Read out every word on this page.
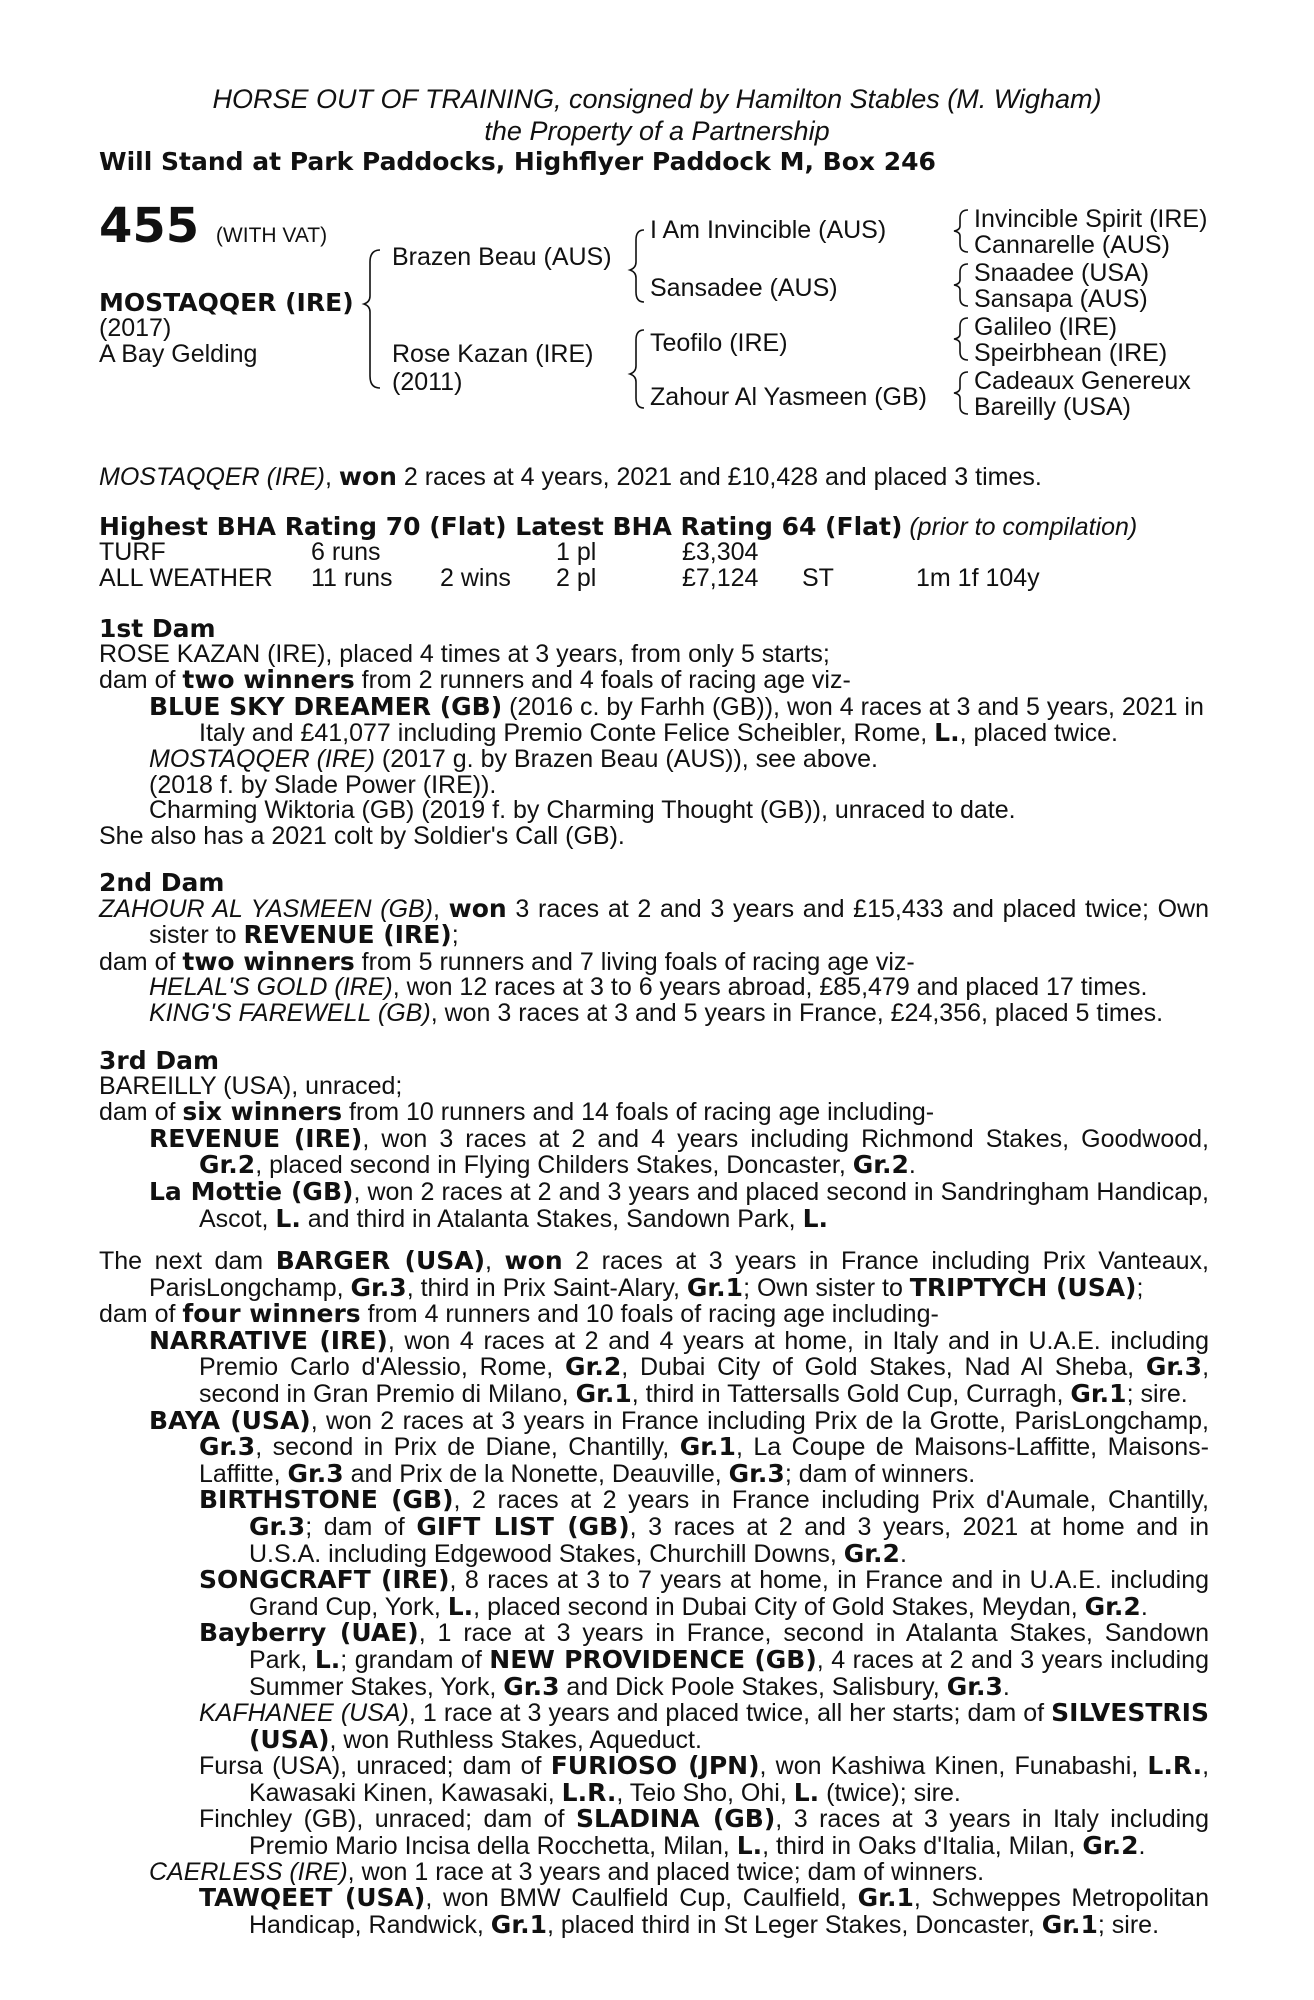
HORSE OUT OF TRAINING, consigned by Hamilton Stables (M. Wigham)
the Property of a Partnership
Will Stand at Park Paddocks, Highflyer Paddock M, Box 246
455 (WITH VAT)
MOSTAQQER (IRE)
(2017)
A Bay Gelding
Brazen Beau (AUS)
Rose Kazan (IRE)
(2011)
I Am Invincible (AUS)
Sansadee (AUS)
Teofilo (IRE)
Zahour Al Yasmeen (GB)
Invincible Spirit (IRE)
Cannarelle (AUS)
Snaadee (USA)
Sansapa (AUS)
Galileo (IRE)
Speirbhean (IRE)
Cadeaux Genereux
Bareilly (USA)
MOSTAQQER (IRE), won 2 races at 4 years, 2021 and £10,428 and placed 3 times.
Highest BHA Rating 70 (Flat) Latest BHA Rating 64 (Flat) (prior to compilation)
TURF	6 runs	1 pl	£3,304
ALL WEATHER 11 runs 2 wins 2 pl	£7,124 ST	1m 1f 104y

1st Dam

ROSE KAZAN (IRE), placed 4 times at 3 years, from only 5 starts;

dam of two winners from 2 runners and 4 foals of racing age viz-

BLUE SKY DREAMER (GB) (2016 c. by Farhh (GB)), won 4 races at 3 and 5 years, 2021 in Italy and £41,077 including Premio Conte Felice Scheibler, Rome, L., placed twice.

MOSTAQQER (IRE) (2017 g. by Brazen Beau (AUS)), see above.

(2018 f. by Slade Power (IRE)).

Charming Wiktoria (GB) (2019 f. by Charming Thought (GB)), unraced to date.

She also has a 2021 colt by Soldier's Call (GB).

2nd Dam

ZAHOUR AL YASMEEN (GB), won 3 races at 2 and 3 years and £15,433 and placed twice; Own sister to REVENUE (IRE);

dam of two winners from 5 runners and 7 living foals of racing age viz-

HELAL'S GOLD (IRE), won 12 races at 3 to 6 years abroad, £85,479 and placed 17 times.

KING'S FAREWELL (GB), won 3 races at 3 and 5 years in France, £24,356, placed 5 times.

3rd Dam

BAREILLY (USA), unraced;

dam of six winners from 10 runners and 14 foals of racing age including-

REVENUE (IRE), won 3 races at 2 and 4 years including Richmond Stakes, Goodwood, Gr.2, placed second in Flying Childers Stakes, Doncaster, Gr.2.

La Mottie (GB), won 2 races at 2 and 3 years and placed second in Sandringham Handicap, Ascot, L. and third in Atalanta Stakes, Sandown Park, L.

The next dam BARGER (USA), won 2 races at 3 years in France including Prix Vanteaux, ParisLongchamp, Gr.3, third in Prix Saint-Alary, Gr.1; Own sister to TRIPTYCH (USA);

dam of four winners from 4 runners and 10 foals of racing age including-

NARRATIVE (IRE), won 4 races at 2 and 4 years at home, in Italy and in U.A.E. including Premio Carlo d'Alessio, Rome, Gr.2, Dubai City of Gold Stakes, Nad Al Sheba, Gr.3, second in Gran Premio di Milano, Gr.1, third in Tattersalls Gold Cup, Curragh, Gr.1; sire.

BAYA (USA), won 2 races at 3 years in France including Prix de la Grotte, ParisLongchamp, Gr.3, second in Prix de Diane, Chantilly, Gr.1, La Coupe de Maisons-Laffitte, Maisons-Laffitte, Gr.3 and Prix de la Nonette, Deauville, Gr.3; dam of winners.

BIRTHSTONE (GB), 2 races at 2 years in France including Prix d'Aumale, Chantilly, Gr.3; dam of GIFT LIST (GB), 3 races at 2 and 3 years, 2021 at home and in U.S.A. including Edgewood Stakes, Churchill Downs, Gr.2.

SONGCRAFT (IRE), 8 races at 3 to 7 years at home, in France and in U.A.E. including Grand Cup, York, L., placed second in Dubai City of Gold Stakes, Meydan, Gr.2.

Bayberry (UAE), 1 race at 3 years in France, second in Atalanta Stakes, Sandown Park, L.; grandam of NEW PROVIDENCE (GB), 4 races at 2 and 3 years including Summer Stakes, York, Gr.3 and Dick Poole Stakes, Salisbury, Gr.3.

KAFHANEE (USA), 1 race at 3 years and placed twice, all her starts; dam of SILVESTRIS (USA), won Ruthless Stakes, Aqueduct.

Fursa (USA), unraced; dam of FURIOSO (JPN), won Kashiwa Kinen, Funabashi, L.R., Kawasaki Kinen, Kawasaki, L.R., Teio Sho, Ohi, L. (twice); sire.

Finchley (GB), unraced; dam of SLADINA (GB), 3 races at 3 years in Italy including Premio Mario Incisa della Rocchetta, Milan, L., third in Oaks d'Italia, Milan, Gr.2.

CAERLESS (IRE), won 1 race at 3 years and placed twice; dam of winners.

TAWQEET (USA), won BMW Caulfield Cup, Caulfield, Gr.1, Schweppes Metropolitan Handicap, Randwick, Gr.1, placed third in St Leger Stakes, Doncaster, Gr.1; sire.
